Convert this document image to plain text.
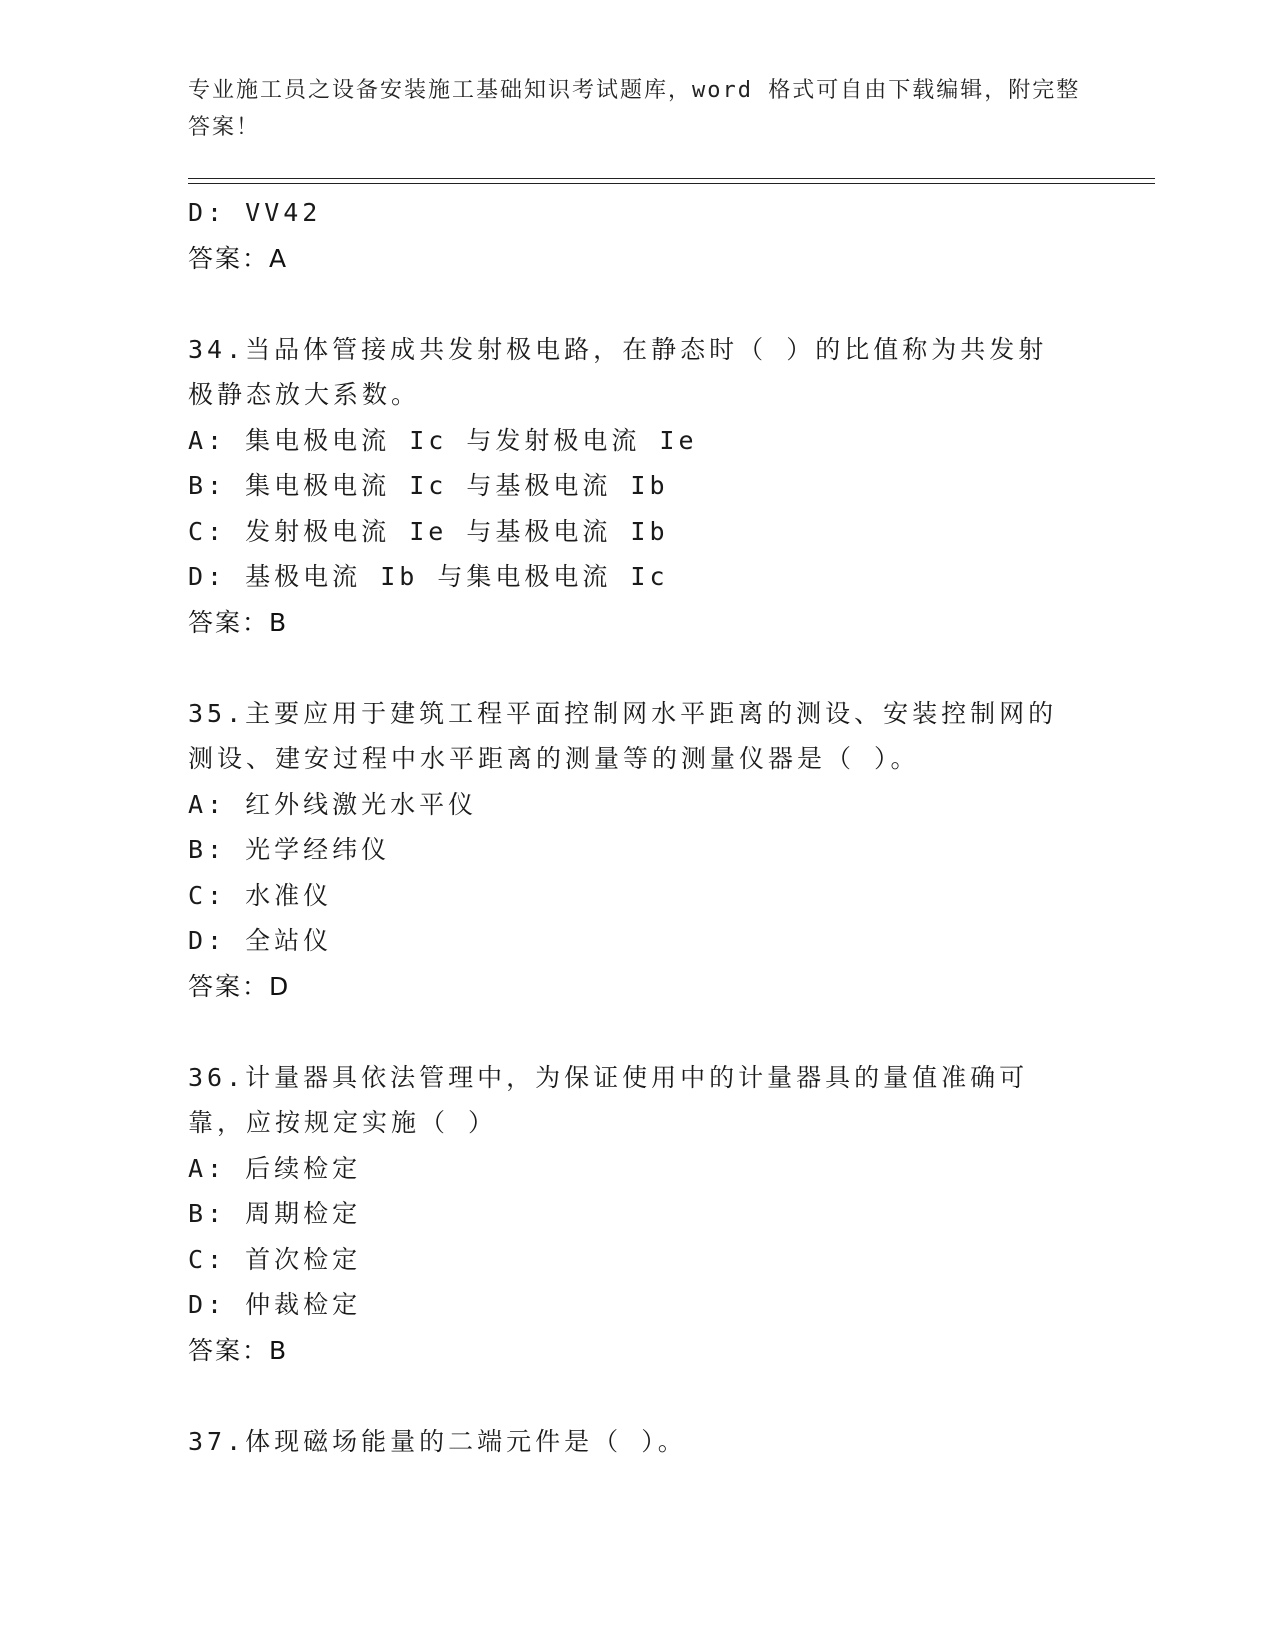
专业施工员之设备安装施工基础知识考试题库，word 格式可自由下载编辑，附完整答案！
D: VV42
答案：A
34.当品体管接成共发射极电路，在静态时（ ）的比值称为共发射极静态放大系数。
A: 集电极电流 Ic 与发射极电流 Ie
B: 集电极电流 Ic 与基极电流 Ib
C: 发射极电流 Ie 与基极电流 Ib
D: 基极电流 Ib 与集电极电流 Ic
答案：B
35.主要应用于建筑工程平面控制网水平距离的测设、安装控制网的测设、建安过程中水平距离的测量等的测量仪器是（ ）。
A: 红外线激光水平仪
B: 光学经纬仪
C: 水准仪
D: 全站仪
答案：D
36.计量器具依法管理中，为保证使用中的计量器具的量值准确可靠，应按规定实施（ ）
A: 后续检定
B: 周期检定
C: 首次检定
D: 仲裁检定
答案：B
37.体现磁场能量的二端元件是（ ）。
